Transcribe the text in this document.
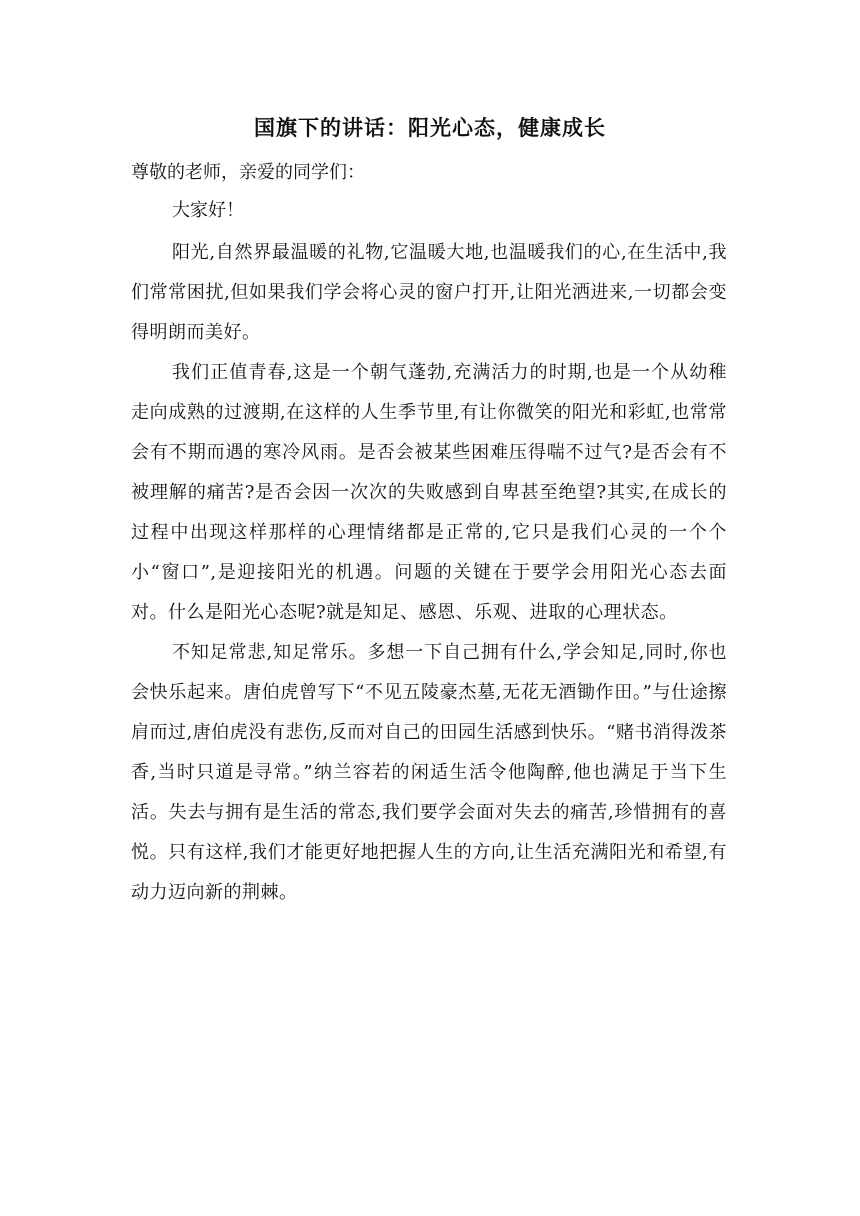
国旗下的讲话：阳光心态，健康成长

尊敬的老师，亲爱的同学们：

大家好！

阳光,自然界最温暖的礼物,它温暖大地,也温暖我们的心,在生活中,我们常常困扰,但如果我们学会将心灵的窗户打开,让阳光洒进来,一切都会变得明朗而美好。

我们正值青春,这是一个朝气蓬勃,充满活力的时期,也是一个从幼稚走向成熟的过渡期,在这样的人生季节里,有让你微笑的阳光和彩虹,也常常会有不期而遇的寒冷风雨。是否会被某些困难压得喘不过气?是否会有不被理解的痛苦?是否会因一次次的失败感到自卑甚至绝望?其实,在成长的过程中出现这样那样的心理情绪都是正常的,它只是我们心灵的一个个小“窗口”,是迎接阳光的机遇。问题的关键在于要学会用阳光心态去面对。什么是阳光心态呢?就是知足、感恩、乐观、进取的心理状态。

不知足常悲,知足常乐。多想一下自己拥有什么,学会知足,同时,你也会快乐起来。唐伯虎曾写下“不见五陵豪杰墓,无花无酒锄作田。”与仕途擦肩而过,唐伯虎没有悲伤,反而对自己的田园生活感到快乐。“赌书消得泼茶香,当时只道是寻常。”纳兰容若的闲适生活令他陶醉,他也满足于当下生活。失去与拥有是生活的常态,我们要学会面对失去的痛苦,珍惜拥有的喜悦。只有这样,我们才能更好地把握人生的方向,让生活充满阳光和希望,有动力迈向新的荆棘。
